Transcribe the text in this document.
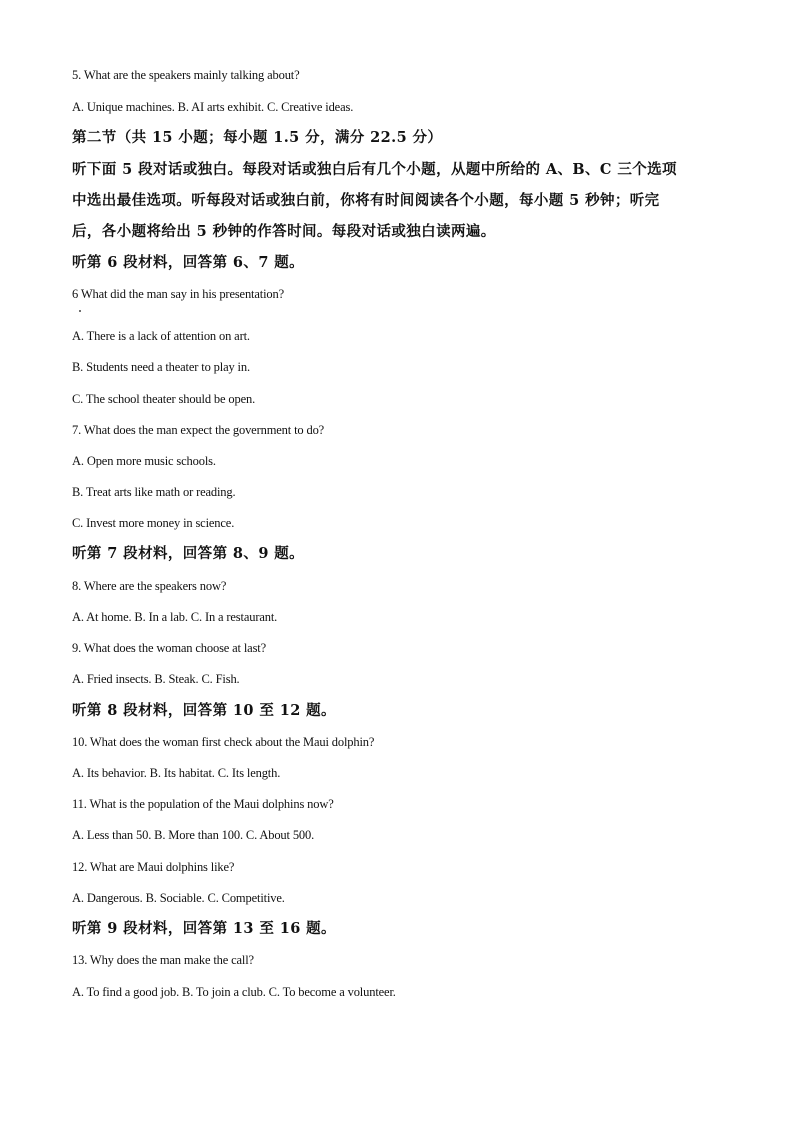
5. What are the speakers mainly talking about?
A. Unique machines. B. AI arts exhibit. C. Creative ideas.
第二节（共 15 小题；每小题 1.5 分，满分 22.5 分）
听下面 5 段对话或独白。每段对话或独白后有几个小题，从题中所给的 A、B、C 三个选项
中选出最佳选项。听每段对话或独白前，你将有时间阅读各个小题，每小题 5 秒钟；听完
后，各小题将给出 5 秒钟的作答时间。每段对话或独白读两遍。
听第 6 段材料，回答第 6、7 题。
6 What did the man say in his presentation?
A. There is a lack of attention on art.
B. Students need a theater to play in.
C. The school theater should be open.
7. What does the man expect the government to do?
A. Open more music schools.
B. Treat arts like math or reading.
C. Invest more money in science.
听第 7 段材料，回答第 8、9 题。
8. Where are the speakers now?
A. At home. B. In a lab. C. In a restaurant.
9. What does the woman choose at last?
A. Fried insects. B. Steak. C. Fish.
听第 8 段材料，回答第 10 至 12 题。
10. What does the woman first check about the Maui dolphin?
A. Its behavior. B. Its habitat. C. Its length.
11. What is the population of the Maui dolphins now?
A. Less than 50. B. More than 100. C. About 500.
12. What are Maui dolphins like?
A. Dangerous. B. Sociable. C. Competitive.
听第 9 段材料，回答第 13 至 16 题。
13. Why does the man make the call?
A. To find a good job. B. To join a club. C. To become a volunteer.
